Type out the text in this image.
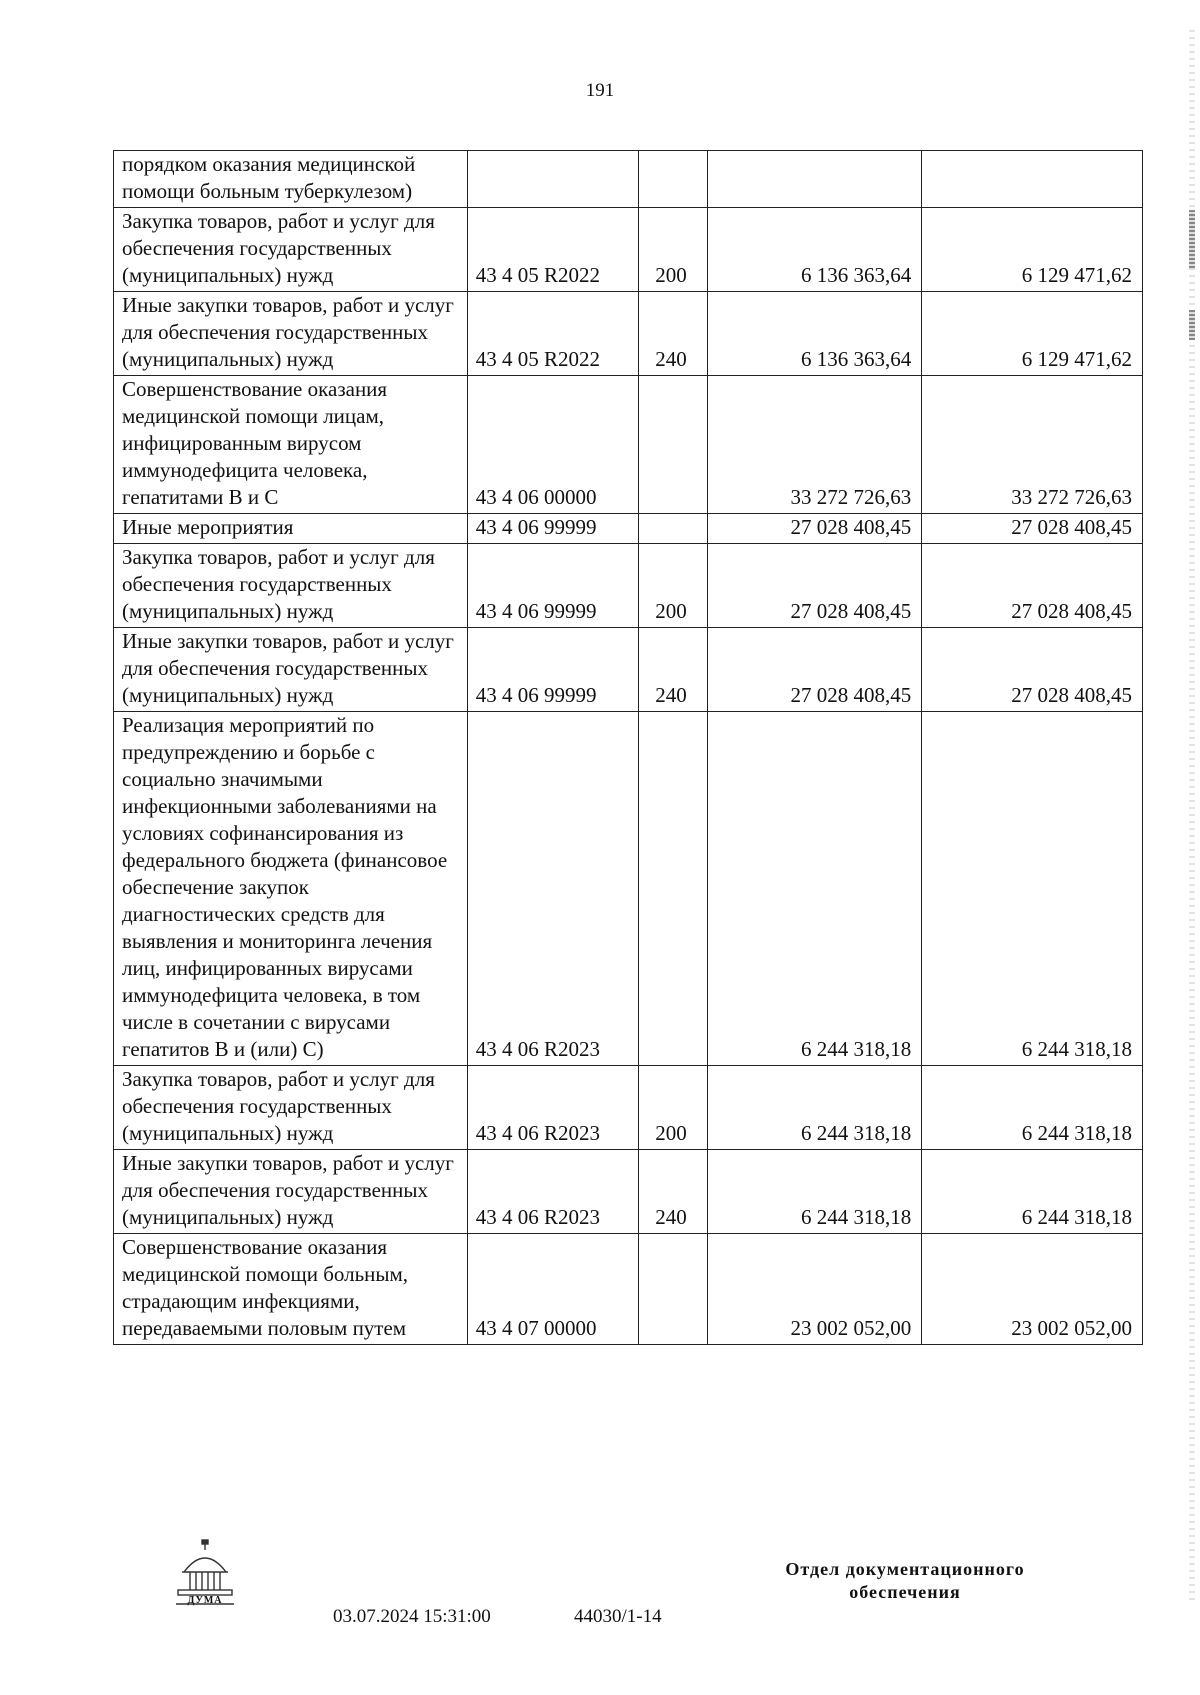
191
порядком оказания медицинской помощи больным туберкулезом)				
Закупка товаров, работ и услуг для обеспечения государственных (муниципальных) нужд	43 4 05 R2022	200	6 136 363,64	6 129 471,62
Иные закупки товаров, работ и услуг для обеспечения государственных (муниципальных) нужд	43 4 05 R2022	240	6 136 363,64	6 129 471,62
Совершенствование оказания медицинской помощи лицам, инфицированным вирусом иммунодефицита человека, гепатитами В и С	43 4 06 00000		33 272 726,63	33 272 726,63
Иные мероприятия	43 4 06 99999		27 028 408,45	27 028 408,45
Закупка товаров, работ и услуг для обеспечения государственных (муниципальных) нужд	43 4 06 99999	200	27 028 408,45	27 028 408,45
Иные закупки товаров, работ и услуг для обеспечения государственных (муниципальных) нужд	43 4 06 99999	240	27 028 408,45	27 028 408,45
Реализация мероприятий по предупреждению и борьбе с социально значимыми инфекционными заболеваниями на условиях софинансирования из федерального бюджета (финансовое обеспечение закупок диагностических средств для выявления и мониторинга лечения лиц, инфицированных вирусами иммунодефицита человека, в том числе в сочетании с вирусами гепатитов В и (или) С)	43 4 06 R2023		6 244 318,18	6 244 318,18
Закупка товаров, работ и услуг для обеспечения государственных (муниципальных) нужд	43 4 06 R2023	200	6 244 318,18	6 244 318,18
Иные закупки товаров, работ и услуг для обеспечения государственных (муниципальных) нужд	43 4 06 R2023	240	6 244 318,18	6 244 318,18
Совершенствование оказания медицинской помощи больным, страдающим инфекциями, передаваемыми половым путем	43 4 07 00000		23 002 052,00	23 002 052,00
ДУМА
03.07.2024 15:31:00	44030/1-14
Отдел документационного
обеспечения
